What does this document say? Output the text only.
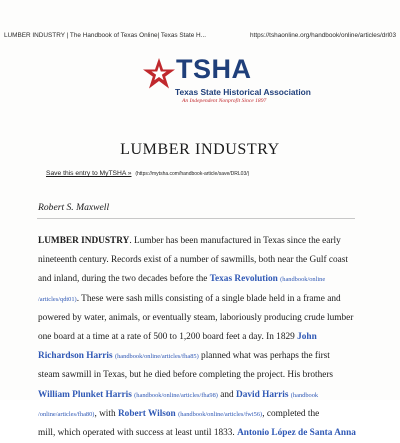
LUMBER INDUSTRY | The Handbook of Texas Online| Texas State H...	https://tshaonline.org/handbook/online/articles/drl03
TSHA
Texas State Historical Association
An Independent Nonprofit Since 1897
LUMBER INDUSTRY
Save this entry to MyTSHA » (https://mytsha.com/handbook-article/save/DRL03/)
Robert S. Maxwell
LUMBER INDUSTRY. Lumber has been manufactured in Texas since the early
nineteenth century. Records exist of a number of sawmills, both near the Gulf coast
and inland, during the two decades before the Texas Revolution (handbook/online
/articles/qdt01). These were sash mills consisting of a single blade held in a frame and
powered by water, animals, or eventually steam, laboriously producing crude lumber
one board at a time at a rate of 500 to 1,200 board feet a day. In 1829 John
Richardson Harris (handbook/online/articles/fha85) planned what was perhaps the first
steam sawmill in Texas, but he died before completing the project. His brothers
William Plunket Harris (handbook/online/articles/fha98) and David Harris (handbook
/online/articles/fha80), with Robert Wilson (handbook/online/articles/fwi56), completed the
mill, which operated with success at least until 1833. Antonio López de Santa Anna
